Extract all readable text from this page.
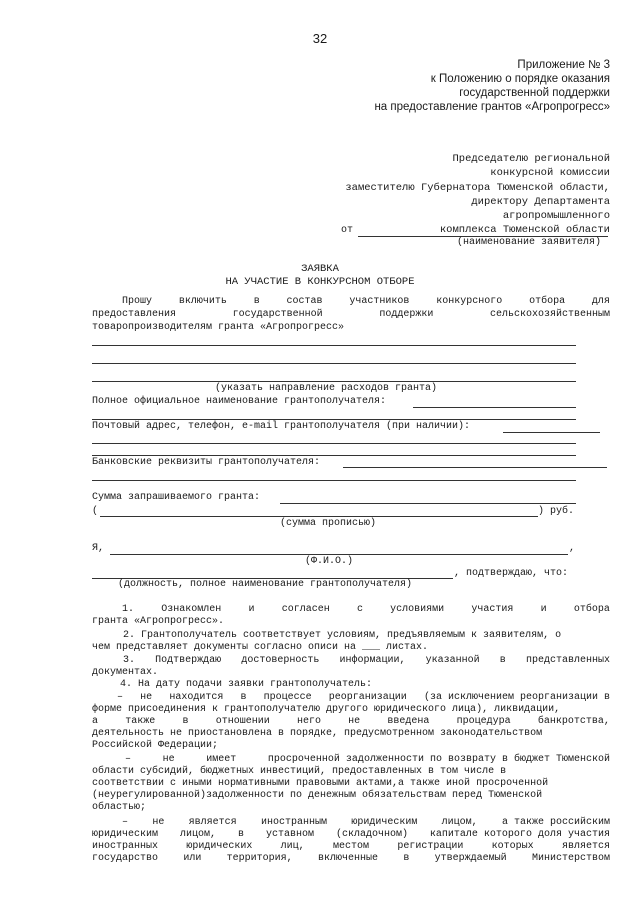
32
Приложение № 3
к Положению о порядке оказания
государственной поддержки
на предоставление грантов «Агропрогресс»
Председателю региональной
конкурсной комиссии
заместителю Губернатора Тюменской области,
директору Департамента
агропромышленного
комплекса Тюменской области
от
(наименование заявителя)
ЗАЯВКА
НА УЧАСТИЕ В КОНКУРСНОМ ОТБОРЕ
Прошу	включить	в	состав	участников	конкурсного	отбора	для
предоставления	государственной	поддержки	сельскохозяйственным
товаропроизводителям гранта «Агропрогресс»
(указать направление расходов гранта)
Полное официальное наименование грантополучателя:
Почтовый адрес, телефон, e-mail грантополучателя (при наличии):
Банковские реквизиты грантополучателя:
Сумма запрашиваемого гранта:
(	) руб.
(сумма прописью)
Я,	,
(Ф.И.О.)
, подтверждаю, что:
(должность, полное наименование грантополучателя)
1.	Ознакомлен	и	согласен	с	условиями	участия	и	отбора
гранта «Агропрогресс».
2. Грантополучатель соответствует условиям, предъявляемым к заявителям, о
чем представляет документы согласно описи на ___ листах.
3. Подтверждаю достоверность информации, указанной в представленных
документах.
4. На дату подачи заявки грантополучатель:
– не находится в процессе реорганизации (за исключением реорганизации в
форме присоединения к грантополучателю другого юридического лица), ликвидации,
а	также	в	отношении	него	не	введена	процедура	банкротства,
деятельность не приостановлена в порядке, предусмотренном законодательством
Российской Федерации;
–	не	имеет	просроченной задолженности по возврату в бюджет Тюменской
области субсидий, бюджетных инвестиций, предоставленных в том числе в
соответствии с иными нормативными правовыми актами,а также иной просроченной
(неурегулированной)задолженности по денежным обязательствам перед Тюменской
областью;
– не является иностранным юридическим лицом, а также российским
юридическим лицом, в уставном (складочном) капитале которого доля участия
иностранных	юридических	лиц,	местом	регистрации	которых	является
государство	или	территория,	включенные	в	утверждаемый	Министерством
